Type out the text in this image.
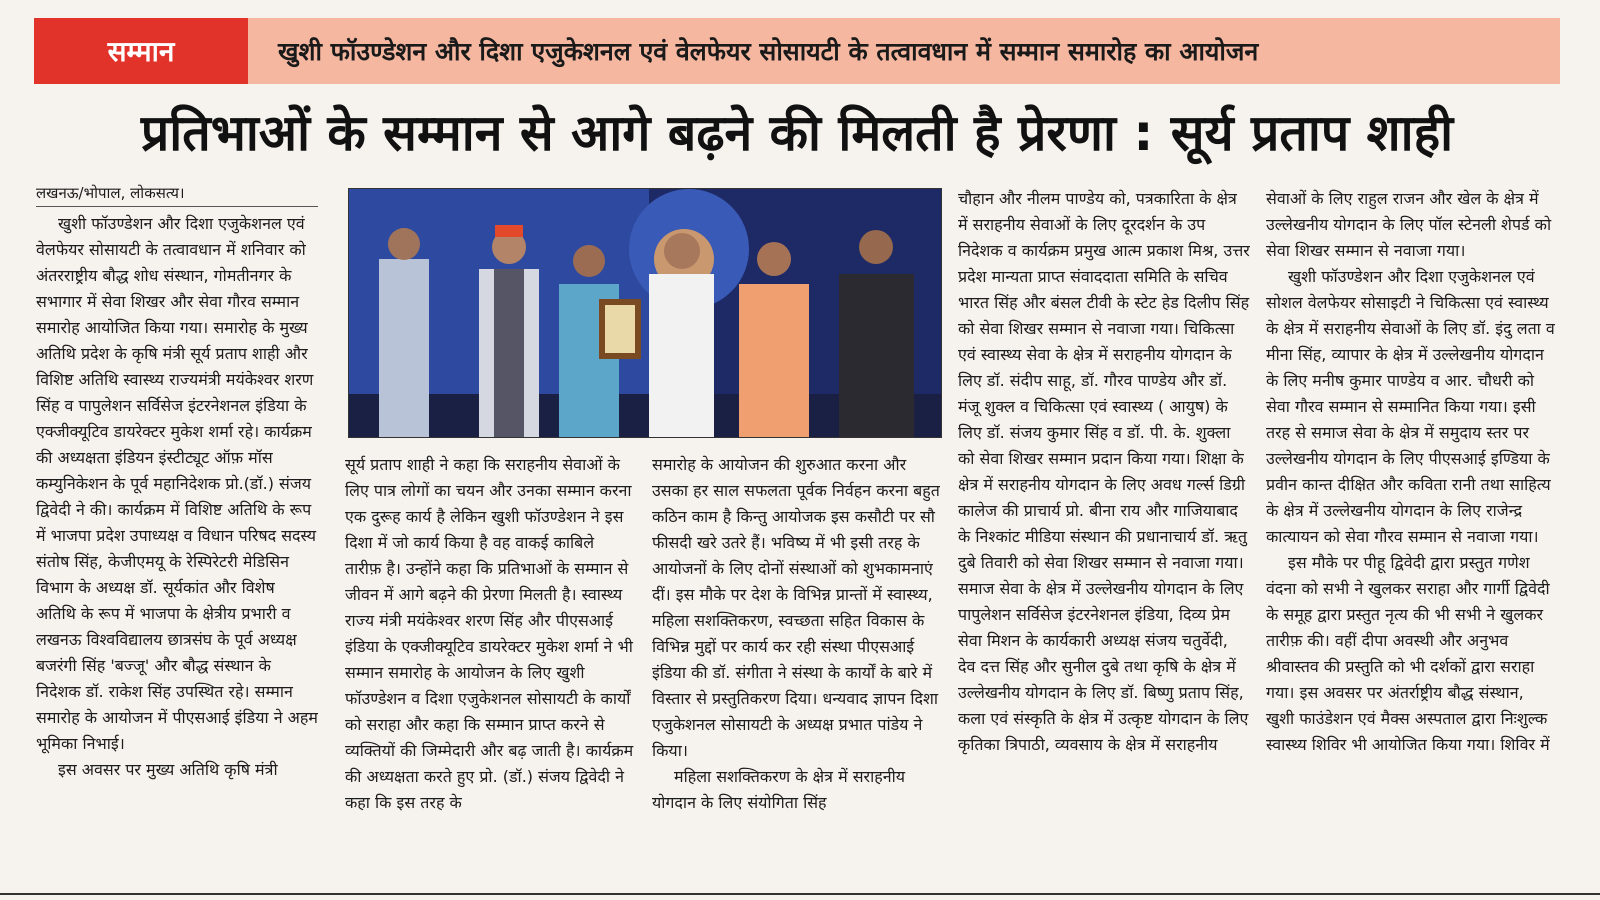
सम्मान	खुशी फॉउण्डेशन और दिशा एजुकेशनल एवं वेलफेयर सोसायटी के तत्वावधान में सम्मान समारोह का आयोजन
प्रतिभाओं के सम्मान से आगे बढ़ने की मिलती है प्रेरणा : सूर्य प्रताप शाही

लखनऊ/भोपाल, लोकसत्य।

खुशी फॉउण्डेशन और दिशा एजुकेशनल एवं वेलफेयर सोसायटी के तत्वावधान में शनिवार को अंतरराष्ट्रीय बौद्ध शोध संस्थान, गोमतीनगर के सभागार में सेवा शिखर और सेवा गौरव सम्मान समारोह आयोजित किया गया। समारोह के मुख्य अतिथि प्रदेश के कृषि मंत्री सूर्य प्रताप शाही और विशिष्ट अतिथि स्वास्थ्य राज्यमंत्री मयंकेश्वर शरण सिंह व पापुलेशन सर्विसेज इंटरनेशनल इंडिया के एक्जीक्यूटिव डायरेक्टर मुकेश शर्मा रहे। कार्यक्रम की अध्यक्षता इंडियन इंस्टीट्यूट ऑफ़ मॉस कम्युनिकेशन के पूर्व महानिदेशक प्रो.(डॉ.) संजय द्विवेदी ने की। कार्यक्रम में विशिष्ट अतिथि के रूप में भाजपा प्रदेश उपाध्यक्ष व विधान परिषद सदस्य संतोष सिंह, केजीएमयू के रेस्पिरेटरी मेडिसिन विभाग के अध्यक्ष डॉ. सूर्यकांत और विशेष अतिथि के रूप में भाजपा के क्षेत्रीय प्रभारी व लखनऊ विश्वविद्यालय छात्रसंघ के पूर्व अध्यक्ष बजरंगी सिंह 'बज्जू' और बौद्ध संस्थान के निदेशक डॉ. राकेश सिंह उपस्थित रहे। सम्मान समारोह के आयोजन में पीएसआई इंडिया ने अहम भूमिका निभाई।

इस अवसर पर मुख्य अतिथि कृषि मंत्री

सूर्य प्रताप शाही ने कहा कि सराहनीय सेवाओं के लिए पात्र लोगों का चयन और उनका सम्मान करना एक दुरूह कार्य है लेकिन खुशी फॉउण्डेशन ने इस दिशा में जो कार्य किया है वह वाकई काबिले तारीफ़ है। उन्होंने कहा कि प्रतिभाओं के सम्मान से जीवन में आगे बढ़ने की प्रेरणा मिलती है। स्वास्थ्य राज्य मंत्री मयंकेश्वर शरण सिंह और पीएसआई इंडिया के एक्जीक्यूटिव डायरेक्टर मुकेश शर्मा ने भी सम्मान समारोह के आयोजन के लिए खुशी फॉउण्डेशन व दिशा एजुकेशनल सोसायटी के कार्यों को सराहा और कहा कि सम्मान प्राप्त करने से व्यक्तियों की जिम्मेदारी और बढ़ जाती है। कार्यक्रम की अध्यक्षता करते हुए प्रो. (डॉ.) संजय द्विवेदी ने कहा कि इस तरह के

समारोह के आयोजन की शुरुआत करना और उसका हर साल सफलता पूर्वक निर्वहन करना बहुत कठिन काम है किन्तु आयोजक इस कसौटी पर सौ फीसदी खरे उतरे हैं। भविष्य में भी इसी तरह के आयोजनों के लिए दोनों संस्थाओं को शुभकामनाएं दीं। इस मौके पर देश के विभिन्न प्रान्तों में स्वास्थ्य, महिला सशक्तिकरण, स्वच्छता सहित विकास के विभिन्न मुद्दों पर कार्य कर रही संस्था पीएसआई इंडिया की डॉ. संगीता ने संस्था के कार्यों के बारे में विस्तार से प्रस्तुतिकरण दिया। धन्यवाद ज्ञापन दिशा एजुकेशनल सोसायटी के अध्यक्ष प्रभात पांडेय ने किया।

महिला सशक्तिकरण के क्षेत्र में सराहनीय योगदान के लिए संयोगिता सिंह

चौहान और नीलम पाण्डेय को, पत्रकारिता के क्षेत्र में सराहनीय सेवाओं के लिए दूरदर्शन के उप निदेशक व कार्यक्रम प्रमुख आत्म प्रकाश मिश्र, उत्तर प्रदेश मान्यता प्राप्त संवाददाता समिति के सचिव भारत सिंह और बंसल टीवी के स्टेट हेड दिलीप सिंह को सेवा शिखर सम्मान से नवाजा गया। चिकित्सा एवं स्वास्थ्य सेवा के क्षेत्र में सराहनीय योगदान के लिए डॉ. संदीप साहू, डॉ. गौरव पाण्डेय और डॉ. मंजू शुक्ल व चिकित्सा एवं स्वास्थ्य ( आयुष) के लिए डॉ. संजय कुमार सिंह व डॉ. पी. के. शुक्ला को सेवा शिखर सम्मान प्रदान किया गया। शिक्षा के क्षेत्र में सराहनीय योगदान के लिए अवध गर्ल्स डिग्री कालेज की प्राचार्य प्रो. बीना राय और गाजियाबाद के निश्कांट मीडिया संस्थान की प्रधानाचार्य डॉ. ऋतु दुबे तिवारी को सेवा शिखर सम्मान से नवाजा गया। समाज सेवा के क्षेत्र में उल्लेखनीय योगदान के लिए पापुलेशन सर्विसेज इंटरनेशनल इंडिया, दिव्य प्रेम सेवा मिशन के कार्यकारी अध्यक्ष संजय चतुर्वेदी, देव दत्त सिंह और सुनील दुबे तथा कृषि के क्षेत्र में उल्लेखनीय योगदान के लिए डॉ. बिष्णु प्रताप सिंह, कला एवं संस्कृति के क्षेत्र में उत्कृष्ट योगदान के लिए कृतिका त्रिपाठी, व्यवसाय के क्षेत्र में सराहनीय

सेवाओं के लिए राहुल राजन और खेल के क्षेत्र में उल्लेखनीय योगदान के लिए पॉल स्टेनली शेपर्ड को सेवा शिखर सम्मान से नवाजा गया।

खुशी फॉउण्डेशन और दिशा एजुकेशनल एवं सोशल वेलफेयर सोसाइटी ने चिकित्सा एवं स्वास्थ्य के क्षेत्र में सराहनीय सेवाओं के लिए डॉ. इंदु लता व मीना सिंह, व्यापार के क्षेत्र में उल्लेखनीय योगदान के लिए मनीष कुमार पाण्डेय व आर. चौधरी को सेवा गौरव सम्मान से सम्मानित किया गया। इसी तरह से समाज सेवा के क्षेत्र में समुदाय स्तर पर उल्लेखनीय योगदान के लिए पीएसआई इण्डिया के प्रवीन कान्त दीक्षित और कविता रानी तथा साहित्य के क्षेत्र में उल्लेखनीय योगदान के लिए राजेन्द्र कात्यायन को सेवा गौरव सम्मान से नवाजा गया।

इस मौके पर पीहू द्विवेदी द्वारा प्रस्तुत गणेश वंदना को सभी ने खुलकर सराहा और गार्गी द्विवेदी के समूह द्वारा प्रस्तुत नृत्य की भी सभी ने खुलकर तारीफ़ की। वहीं दीपा अवस्थी और अनुभव श्रीवास्तव की प्रस्तुति को भी दर्शकों द्वारा सराहा गया। इस अवसर पर अंतर्राष्ट्रीय बौद्ध संस्थान, खुशी फाउंडेशन एवं मैक्स अस्पताल द्वारा निःशुल्क स्वास्थ्य शिविर भी आयोजित किया गया। शिविर में
